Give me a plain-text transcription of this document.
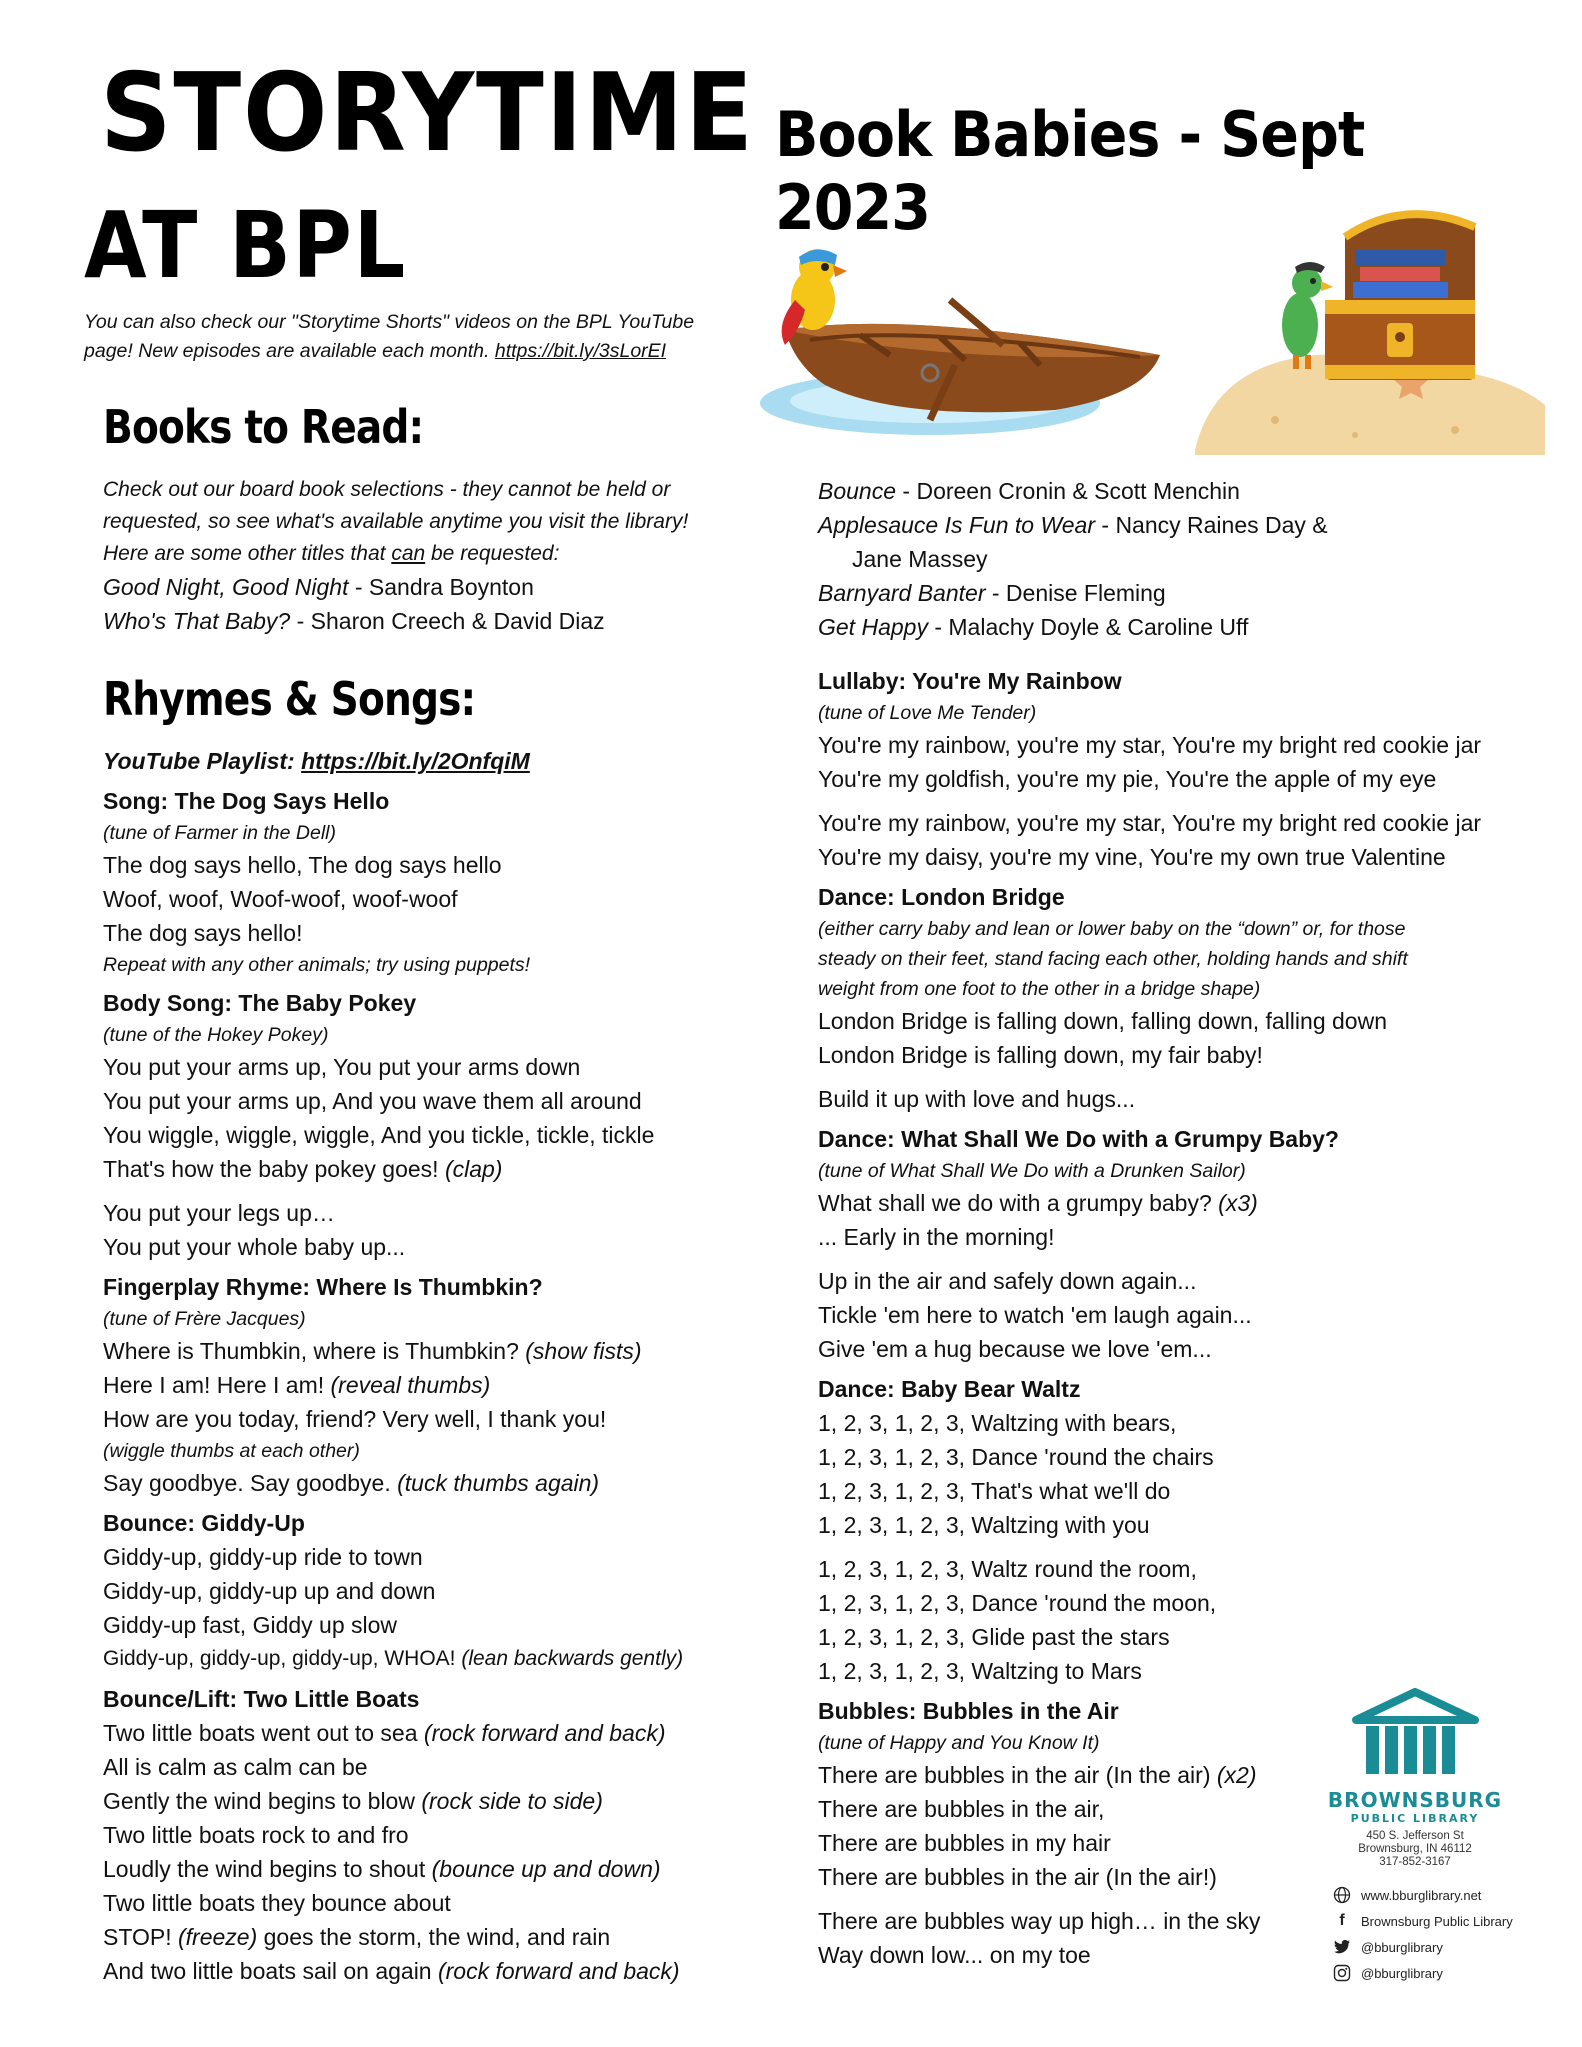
STORYTIME
AT BPL
Book Babies - Sept 2023
You can also check our "Storytime Shorts" videos on the BPL YouTube page! New episodes are available each month. https://bit.ly/3sLorEI
Books to Read:

Check out our board book selections - they cannot be held or

requested, so see what's available anytime you visit the library!

Here are some other titles that can be requested:

Good Night, Good Night - Sandra Boynton

Who's That Baby? - Sharon Creech & David Diaz

Rhymes & Songs:

YouTube Playlist: https://bit.ly/2OnfqiM

Song: The Dog Says Hello

(tune of Farmer in the Dell)

The dog says hello, The dog says hello

Woof, woof, Woof-woof, woof-woof

The dog says hello!

Repeat with any other animals; try using puppets!

Body Song: The Baby Pokey

(tune of the Hokey Pokey)

You put your arms up, You put your arms down

You put your arms up, And you wave them all around

You wiggle, wiggle, wiggle, And you tickle, tickle, tickle

That's how the baby pokey goes! (clap)

You put your legs up…

You put your whole baby up...

Fingerplay Rhyme: Where Is Thumbkin?

(tune of Frère Jacques)

Where is Thumbkin, where is Thumbkin? (show fists)

Here I am! Here I am! (reveal thumbs)

How are you today, friend? Very well, I thank you!

(wiggle thumbs at each other)

Say goodbye. Say goodbye. (tuck thumbs again)

Bounce: Giddy-Up

Giddy-up, giddy-up ride to town

Giddy-up, giddy-up up and down

Giddy-up fast, Giddy up slow

Giddy-up, giddy-up, giddy-up, WHOA! (lean backwards gently)

Bounce/Lift: Two Little Boats

Two little boats went out to sea (rock forward and back)

All is calm as calm can be

Gently the wind begins to blow (rock side to side)

Two little boats rock to and fro

Loudly the wind begins to shout (bounce up and down)

Two little boats they bounce about

STOP! (freeze) goes the storm, the wind, and rain

And two little boats sail on again (rock forward and back)

Bounce - Doreen Cronin & Scott Menchin

Applesauce Is Fun to Wear - Nancy Raines Day &

Jane Massey

Barnyard Banter - Denise Fleming

Get Happy - Malachy Doyle & Caroline Uff

Lullaby: You're My Rainbow

(tune of Love Me Tender)

You're my rainbow, you're my star, You're my bright red cookie jar

You're my goldfish, you're my pie, You're the apple of my eye

You're my rainbow, you're my star, You're my bright red cookie jar

You're my daisy, you're my vine, You're my own true Valentine

Dance: London Bridge

(either carry baby and lean or lower baby on the “down” or, for those

steady on their feet, stand facing each other, holding hands and shift

weight from one foot to the other in a bridge shape)

London Bridge is falling down, falling down, falling down

London Bridge is falling down, my fair baby!

Build it up with love and hugs...

Dance: What Shall We Do with a Grumpy Baby?

(tune of What Shall We Do with a Drunken Sailor)

What shall we do with a grumpy baby? (x3)

... Early in the morning!

Up in the air and safely down again...

Tickle 'em here to watch 'em laugh again...

Give 'em a hug because we love 'em...

Dance: Baby Bear Waltz

1, 2, 3, 1, 2, 3, Waltzing with bears,

1, 2, 3, 1, 2, 3, Dance 'round the chairs

1, 2, 3, 1, 2, 3, That's what we'll do

1, 2, 3, 1, 2, 3, Waltzing with you

1, 2, 3, 1, 2, 3, Waltz round the room,

1, 2, 3, 1, 2, 3, Dance 'round the moon,

1, 2, 3, 1, 2, 3, Glide past the stars

1, 2, 3, 1, 2, 3, Waltzing to Mars

Bubbles: Bubbles in the Air

(tune of Happy and You Know It)

There are bubbles in the air (In the air) (x2)

There are bubbles in the air,

There are bubbles in my hair

There are bubbles in the air (In the air!)

There are bubbles way up high… in the sky

Way down low... on my toe

BROWNSBURG
PUBLIC LIBRARY
450 S. Jefferson St
Brownsburg, IN 46112
317-852-3167
www.bburglibrary.net
f	Brownsburg Public Library
@bburglibrary
@bburglibrary
